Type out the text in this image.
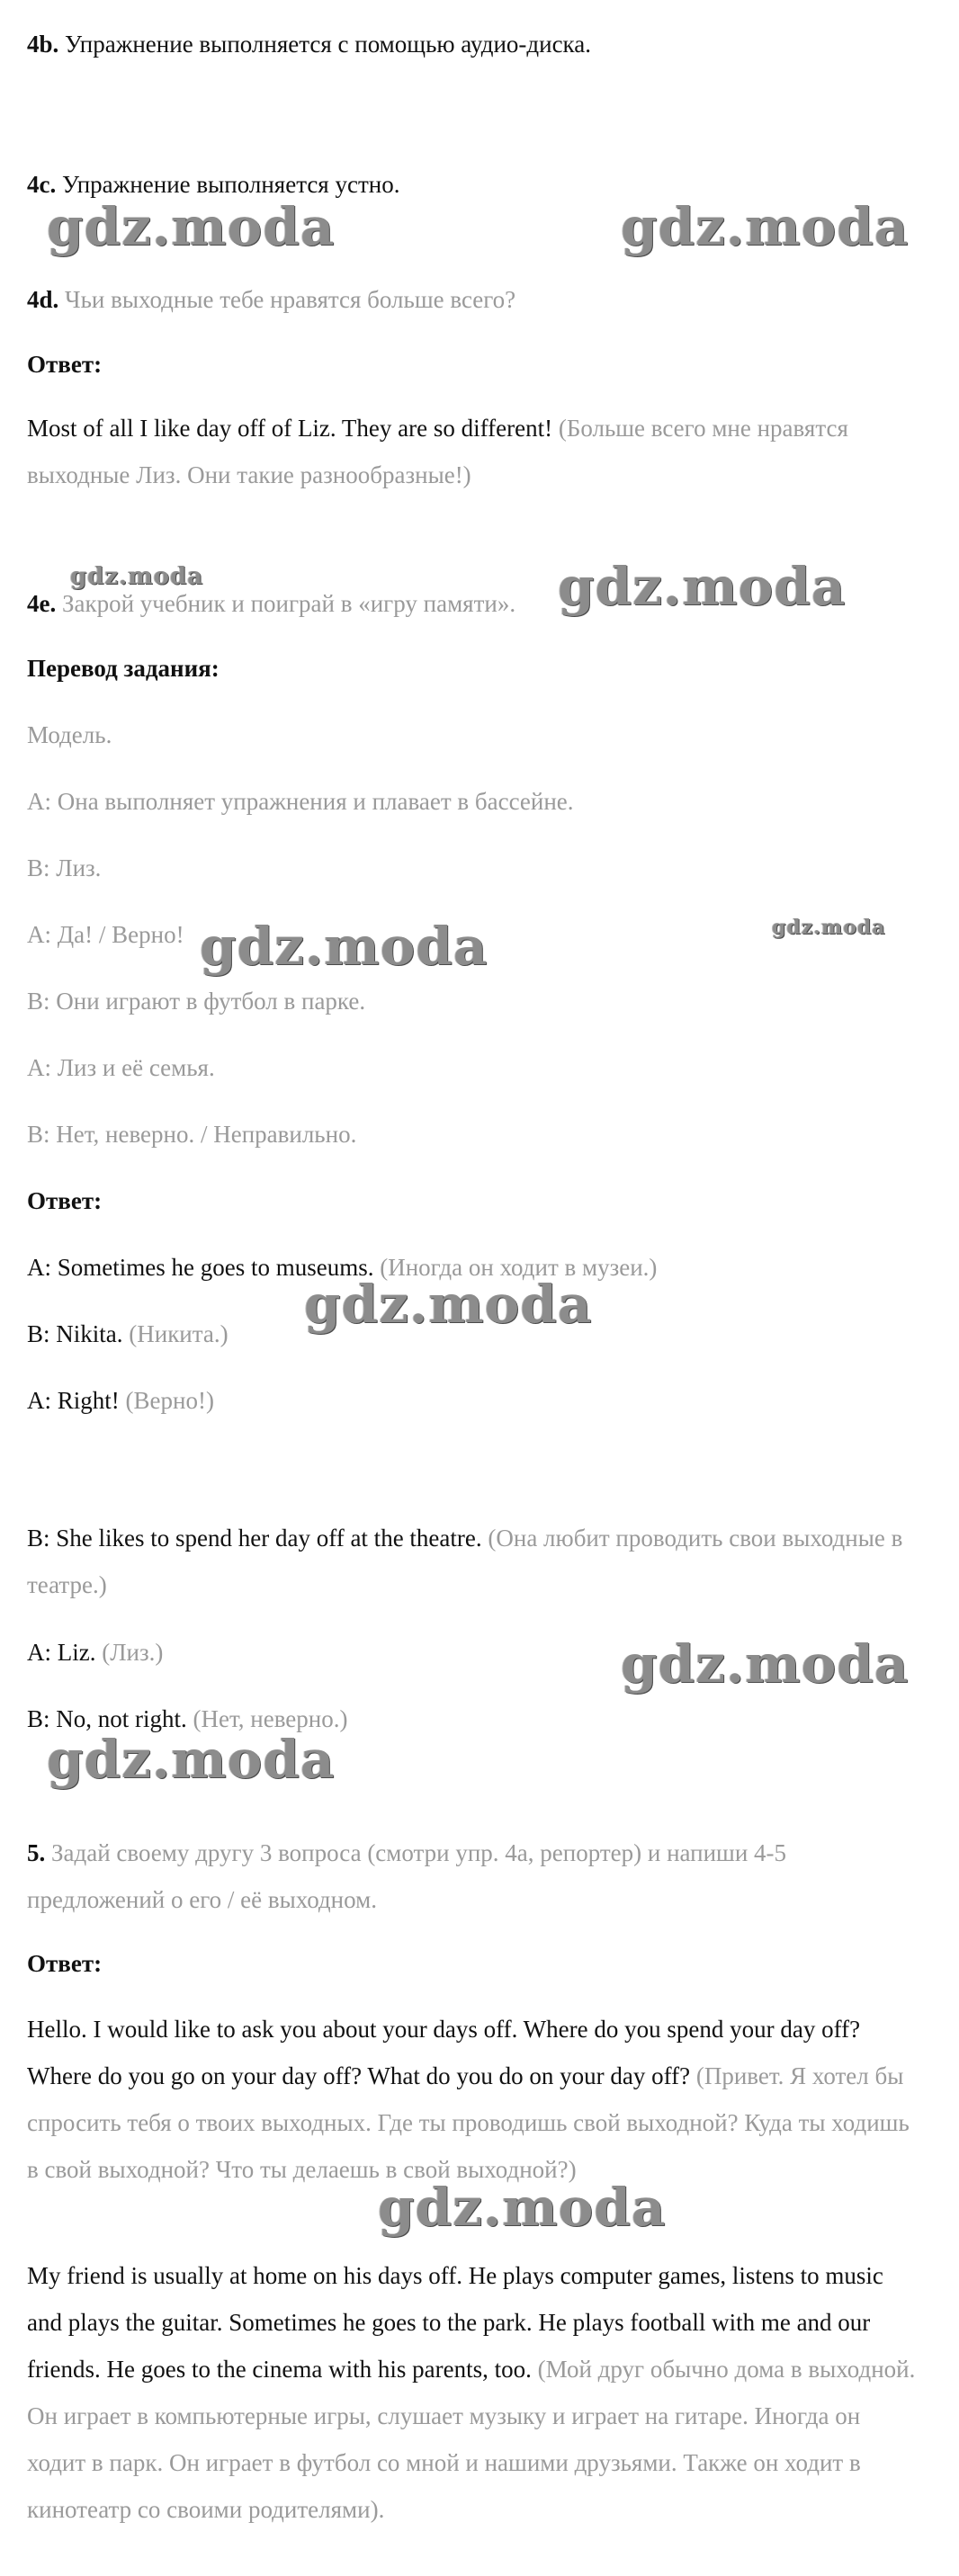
4b. Упражнение выполняется с помощью аудио-диска.

4c. Упражнение выполняется устно.

4d. Чьи выходные тебе нравятся больше всего?

Ответ:

Most of all I like day off of Liz. They are so different! (Больше всего мне нравятся выходные Лиз. Они такие разнообразные!)

4e. Закрой учебник и поиграй в «игру памяти».

Перевод задания:

Модель.

A: Она выполняет упражнения и плавает в бассейне.

B: Лиз.

A: Да! / Верно!

B: Они играют в футбол в парке.

A: Лиз и её семья.

B: Нет, неверно. / Неправильно.

Ответ:

A: Sometimes he goes to museums. (Иногда он ходит в музеи.)

B: Nikita. (Никита.)

A: Right! (Верно!)

B: She likes to spend her day off at the theatre. (Она любит проводить свои выходные в театре.)

A: Liz. (Лиз.)

B: No, not right. (Нет, неверно.)

5. Задай своему другу 3 вопроса (смотри упр. 4а, репортер) и напиши 4-5 предложений о его / её выходном.

Ответ:

Hello. I would like to ask you about your days off. Where do you spend your day off? Where do you go on your day off? What do you do on your day off? (Привет. Я хотел бы спросить тебя о твоих выходных. Где ты проводишь свой выходной? Куда ты ходишь в свой выходной? Что ты делаешь в свой выходной?)

My friend is usually at home on his days off. He plays computer games, listens to music and plays the guitar. Sometimes he goes to the park. He plays football with me and our friends. He goes to the cinema with his parents, too. (Мой друг обычно дома в выходной. Он играет в компьютерные игры, слушает музыку и играет на гитаре. Иногда он ходит в парк. Он играет в футбол со мной и нашими друзьями. Также он ходит в кинотеатр со своими родителями).

gdz.moda	gdz.moda
gdz.moda	gdz.moda
gdz.moda	gdz.moda
gdz.moda
gdz.moda
gdz.moda
gdz.moda
